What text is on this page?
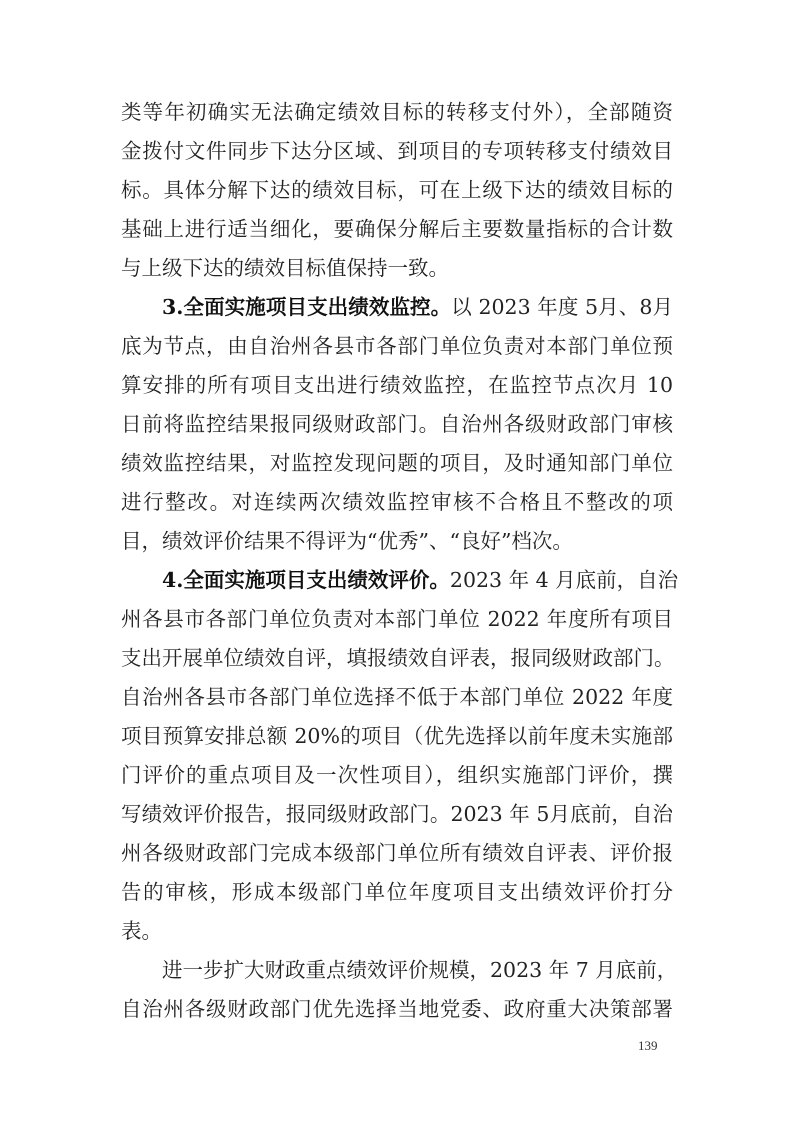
类等年初确实无法确定绩效目标的转移支付外），全部随资
金拨付文件同步下达分区域、到项目的专项转移支付绩效目
标。具体分解下达的绩效目标，可在上级下达的绩效目标的
基础上进行适当细化，要确保分解后主要数量指标的合计数
与上级下达的绩效目标值保持一致。
3.全面实施项目支出绩效监控。以 2023 年度 5月、8月
底为节点，由自治州各县市各部门单位负责对本部门单位预
算安排的所有项目支出进行绩效监控，在监控节点次月 10
日前将监控结果报同级财政部门。自治州各级财政部门审核
绩效监控结果，对监控发现问题的项目，及时通知部门单位
进行整改。对连续两次绩效监控审核不合格且不整改的项
目，绩效评价结果不得评为“优秀”、“良好”档次。
4.全面实施项目支出绩效评价。2023 年 4 月底前，自治
州各县市各部门单位负责对本部门单位 2022 年度所有项目
支出开展单位绩效自评，填报绩效自评表，报同级财政部门。
自治州各县市各部门单位选择不低于本部门单位 2022 年度
项目预算安排总额 20%的项目（优先选择以前年度未实施部
门评价的重点项目及一次性项目），组织实施部门评价，撰
写绩效评价报告，报同级财政部门。2023 年 5月底前，自治
州各级财政部门完成本级部门单位所有绩效自评表、评价报
告的审核，形成本级部门单位年度项目支出绩效评价打分
表。
进一步扩大财政重点绩效评价规模，2023 年 7 月底前，
自治州各级财政部门优先选择当地党委、政府重大决策部署
139
